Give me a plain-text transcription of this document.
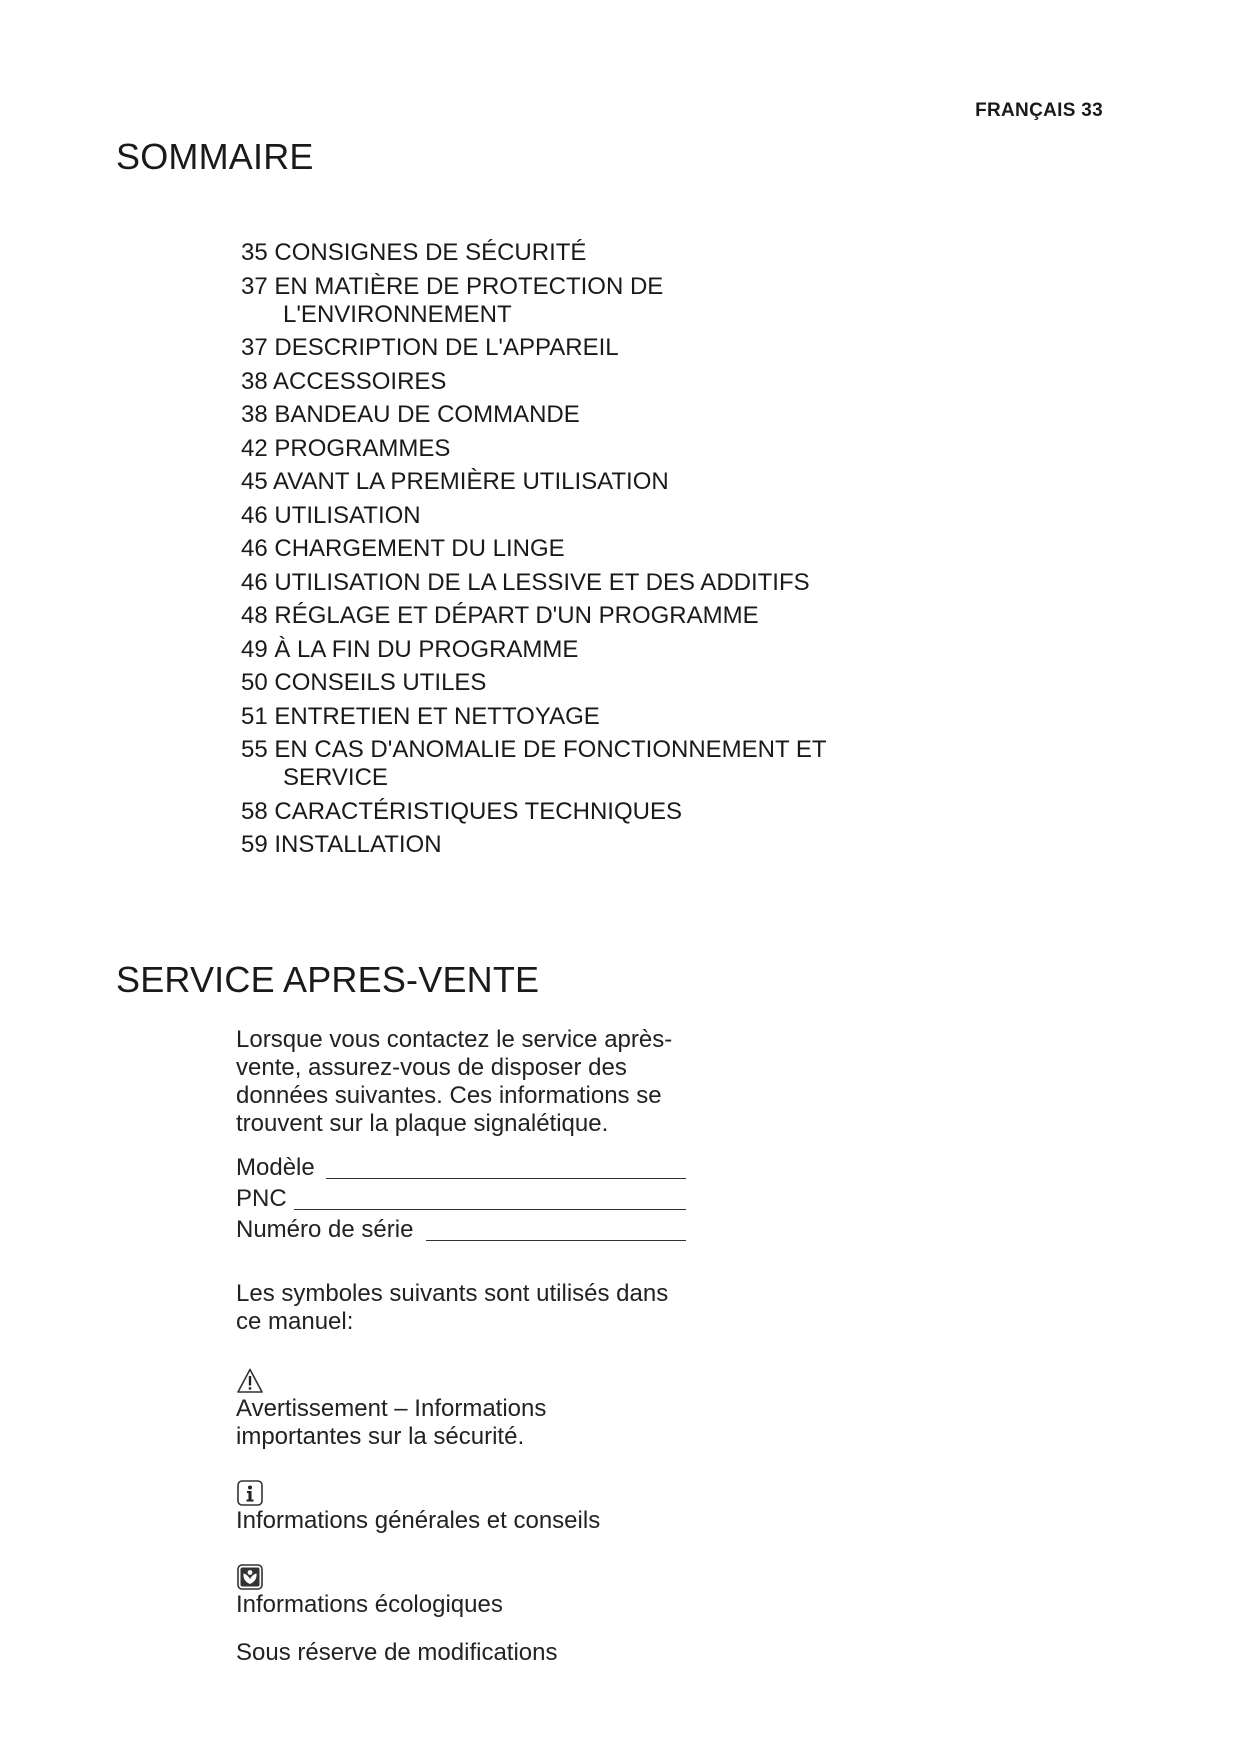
FRANÇAIS 33
SOMMAIRE
35 CONSIGNES DE SÉCURITÉ
37 EN MATIÈRE DE PROTECTION DE
L'ENVIRONNEMENT
37 DESCRIPTION DE L'APPAREIL
38 ACCESSOIRES
38 BANDEAU DE COMMANDE
42 PROGRAMMES
45 AVANT LA PREMIÈRE UTILISATION
46 UTILISATION
46 CHARGEMENT DU LINGE
46 UTILISATION DE LA LESSIVE ET DES ADDITIFS
48 RÉGLAGE ET DÉPART D'UN PROGRAMME
49 À LA FIN DU PROGRAMME
50 CONSEILS UTILES
51 ENTRETIEN ET NETTOYAGE
55 EN CAS D'ANOMALIE DE FONCTIONNEMENT ET
SERVICE
58 CARACTÉRISTIQUES TECHNIQUES
59 INSTALLATION
SERVICE APRES-VENTE

Lorsque vous contactez le service après-

vente, assurez-vous de disposer des

données suivantes. Ces informations se

trouvent sur la plaque signalétique.

Modèle
PNC
Numéro de série

Les symboles suivants sont utilisés dans

ce manuel:

Avertissement – Informations

importantes sur la sécurité.

Informations générales et conseils

Informations écologiques

Sous réserve de modifications
